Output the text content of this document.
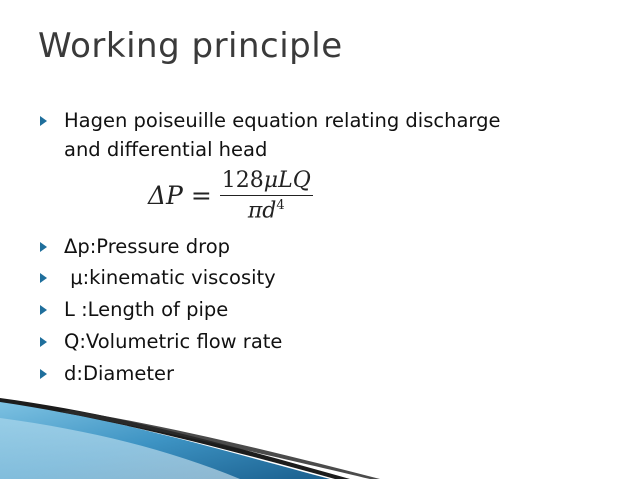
Working principle
Hagen poiseuille equation relating discharge
and differential head
$\Delta P = \frac{\text{128μLQ}}{\pi d^4}$
Δp:Pressure drop
μ:kinematic viscosity
L :Length of pipe
Q:Volumetric flow rate
d:Diameter
